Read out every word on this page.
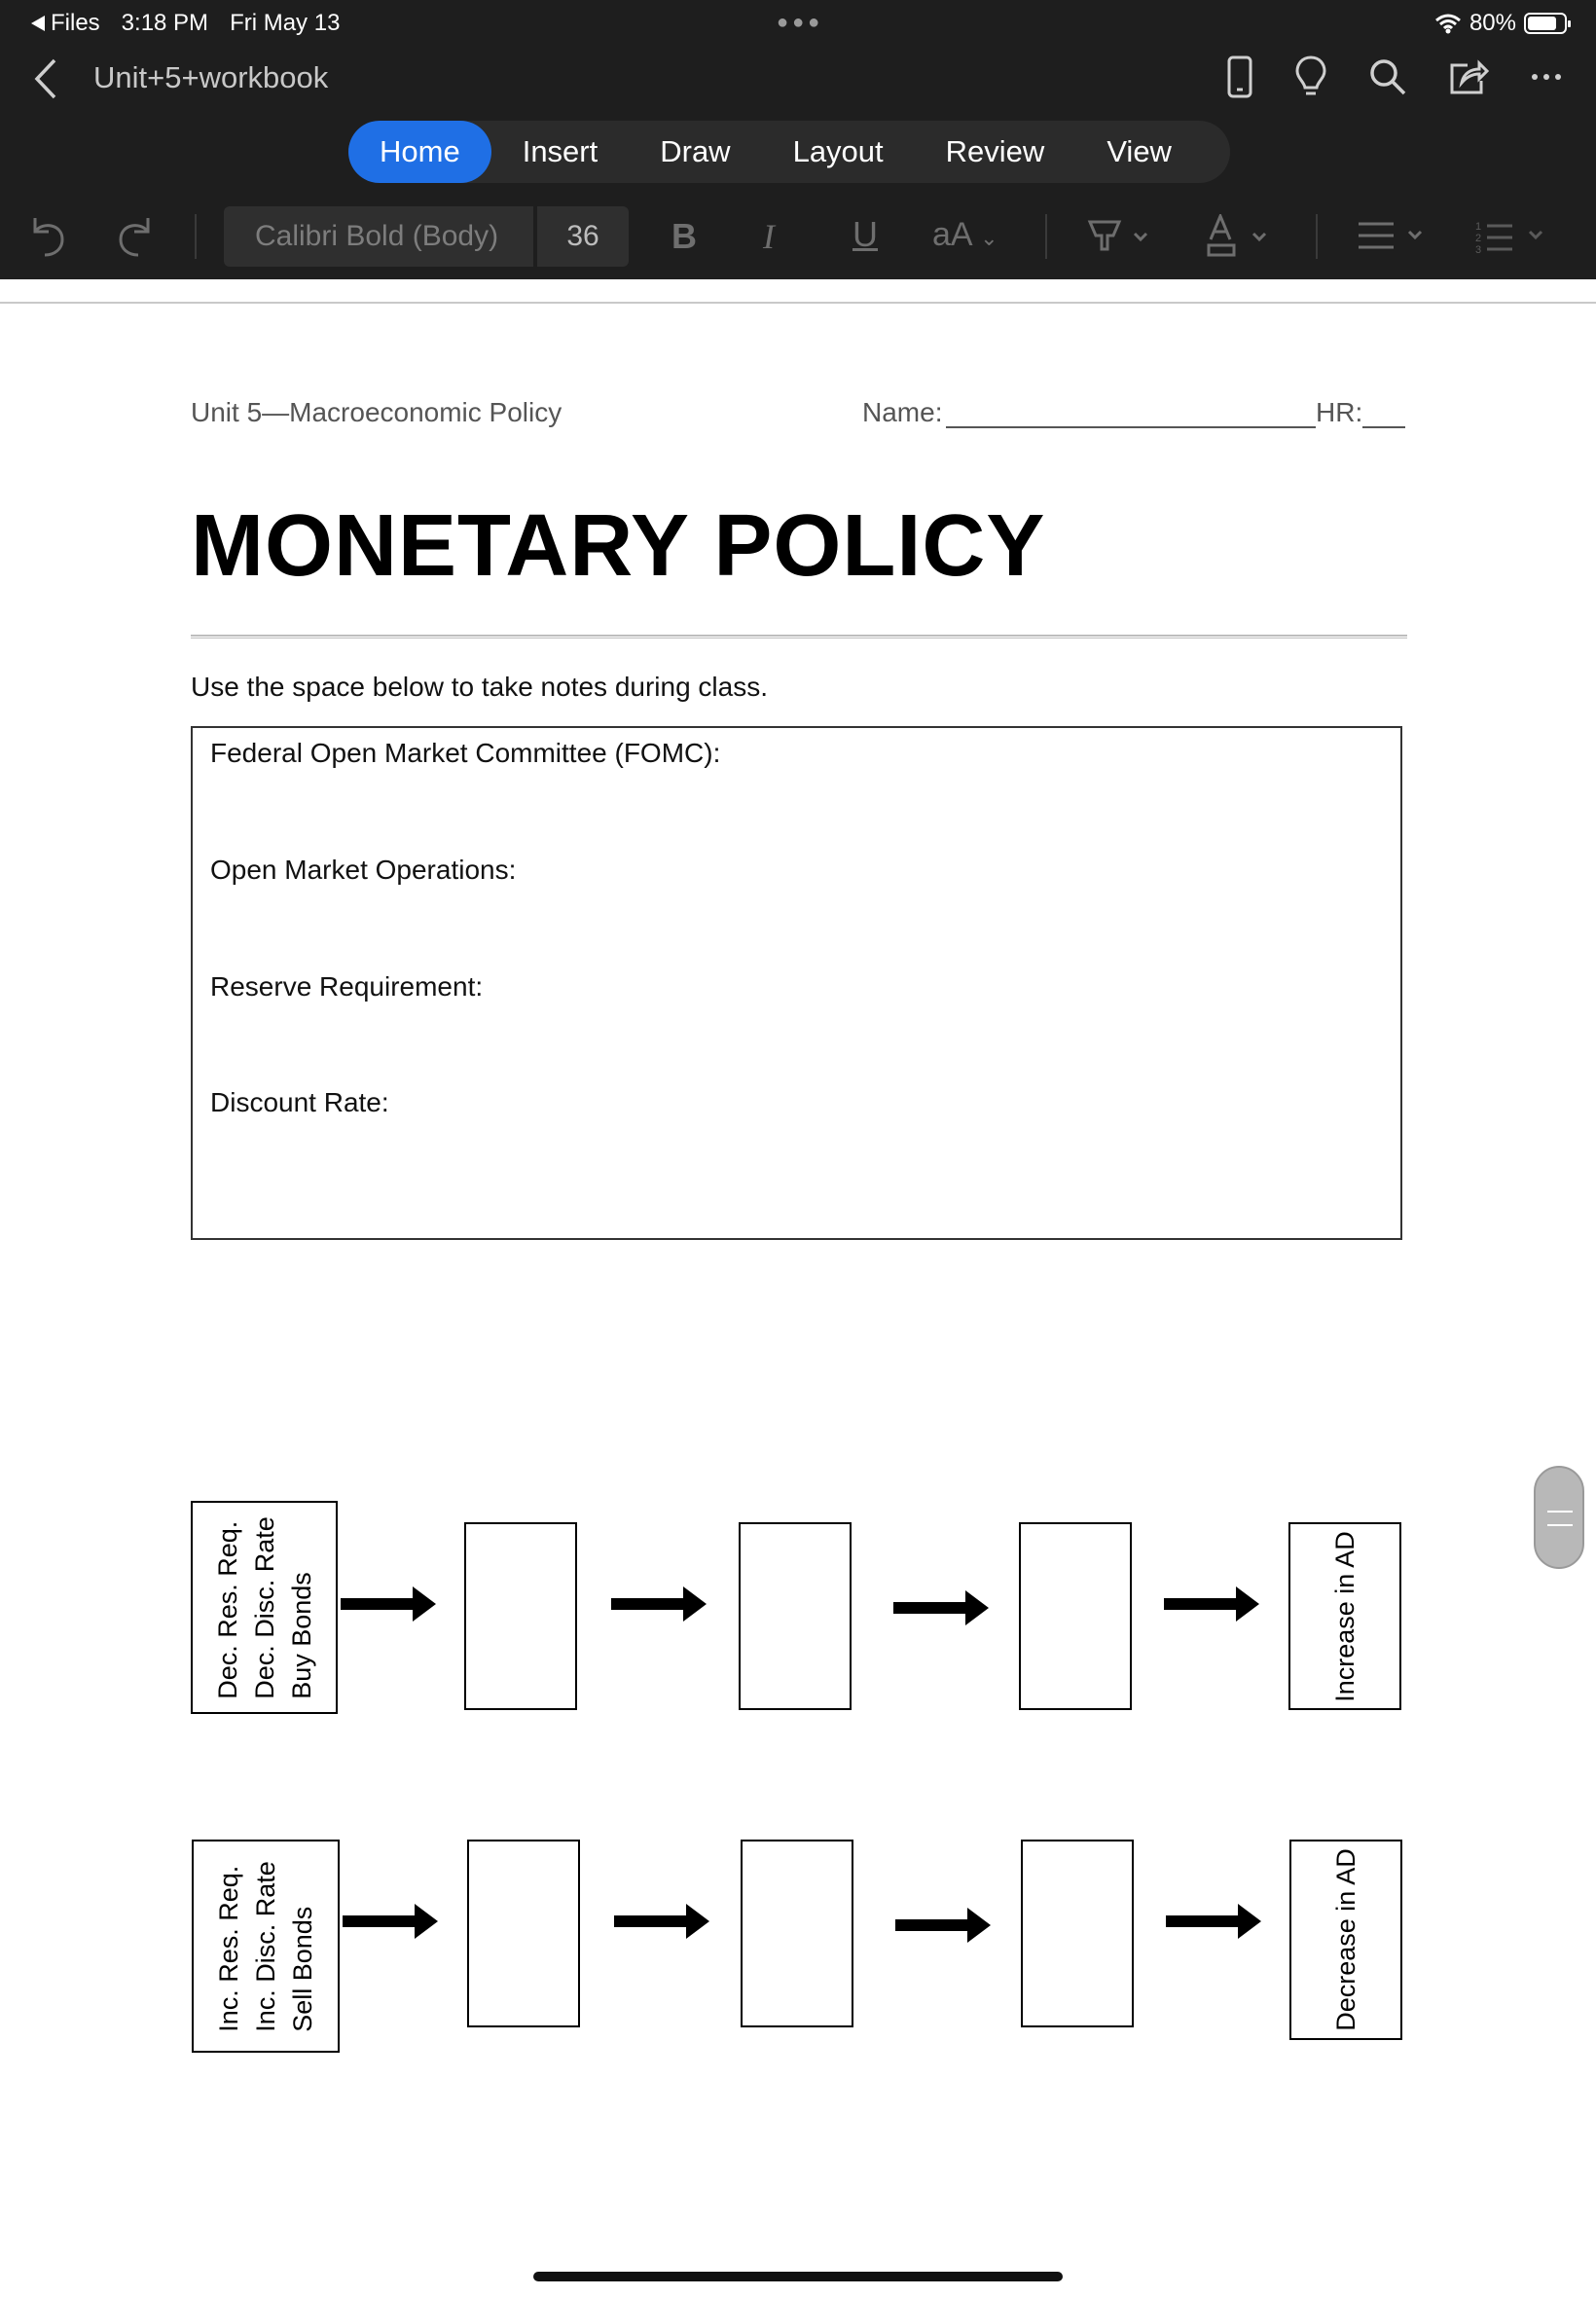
Files 3:18 PM Fri May 13	●●●	80%
Unit+5+workbook
Home	Insert	Draw	Layout	Review	View
Calibri Bold (Body)	36	B I U aA ⌄	1
2
3
Unit 5—Macroeconomic Policy	Name:	HR:
MONETARY POLICY
Use the space below to take notes during class.
Federal Open Market Committee (FOMC):
Open Market Operations:
Reserve Requirement:
Discount Rate:
Dec. Res. Req. Dec. Disc. Rate Buy Bonds	Increase in AD
Inc. Res. Req. Inc. Disc. Rate Sell Bonds	Decrease in AD
